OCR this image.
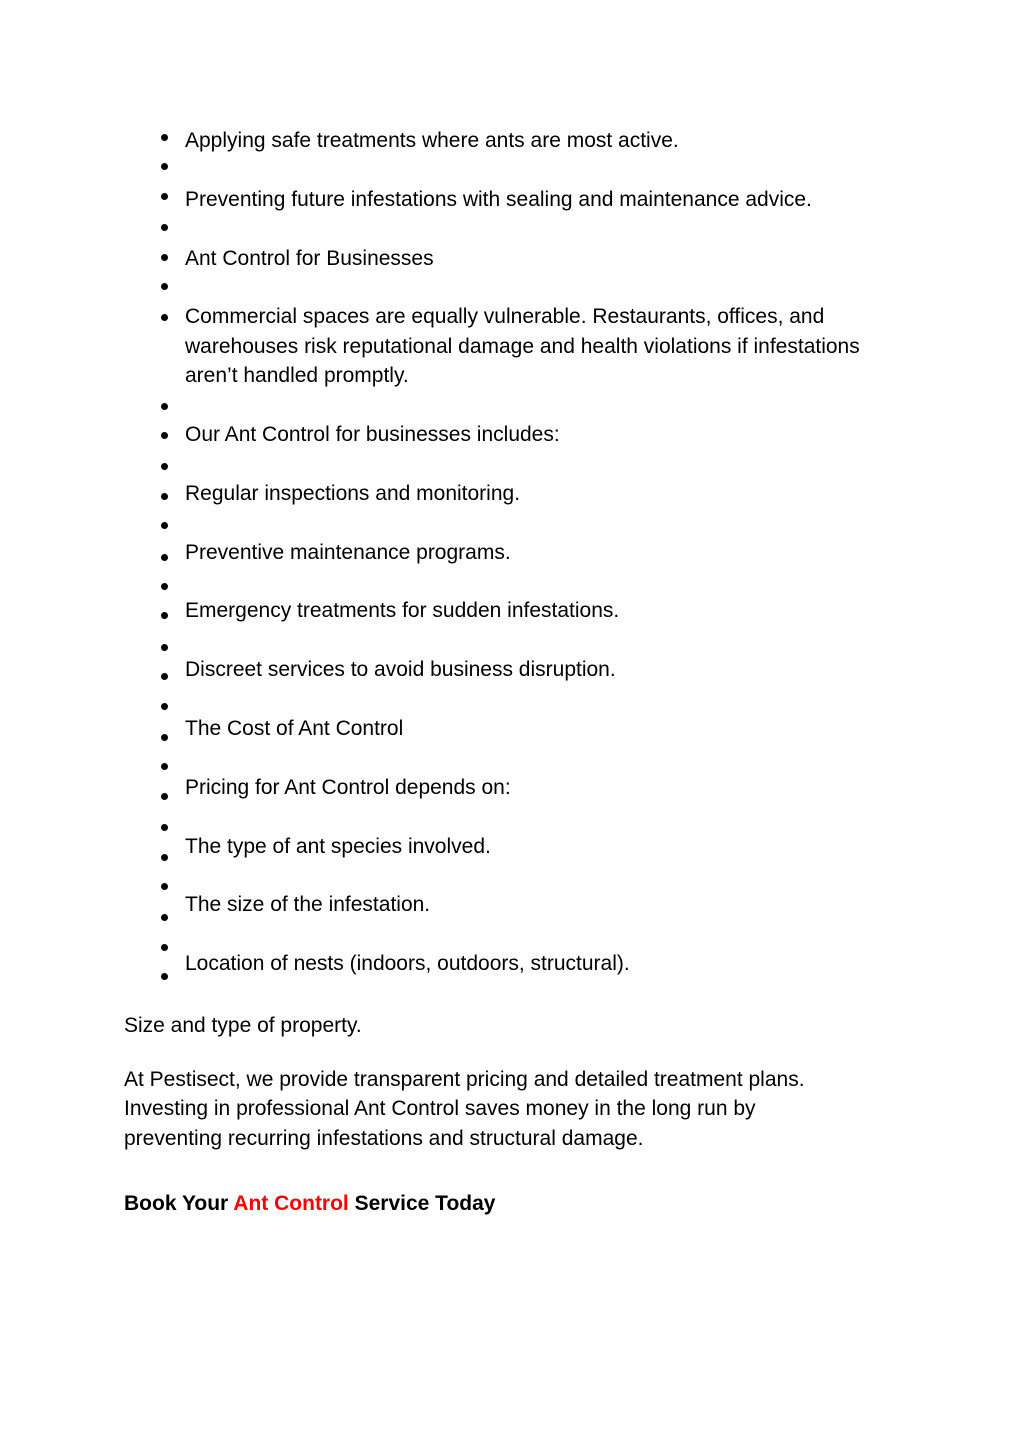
Applying safe treatments where ants are most active.
Preventing future infestations with sealing and maintenance advice.
Ant Control for Businesses
Commercial spaces are equally vulnerable. Restaurants, offices, and warehouses risk reputational damage and health violations if infestations aren’t handled promptly.
Our Ant Control for businesses includes:
Regular inspections and monitoring.
Preventive maintenance programs.
Emergency treatments for sudden infestations.
Discreet services to avoid business disruption.
The Cost of Ant Control
Pricing for Ant Control depends on:
The type of ant species involved.
The size of the infestation.
Location of nests (indoors, outdoors, structural).

Size and type of property.

At Pestisect, we provide transparent pricing and detailed treatment plans. Investing in professional Ant Control saves money in the long run by preventing recurring infestations and structural damage.

Book Your Ant Control Service Today
